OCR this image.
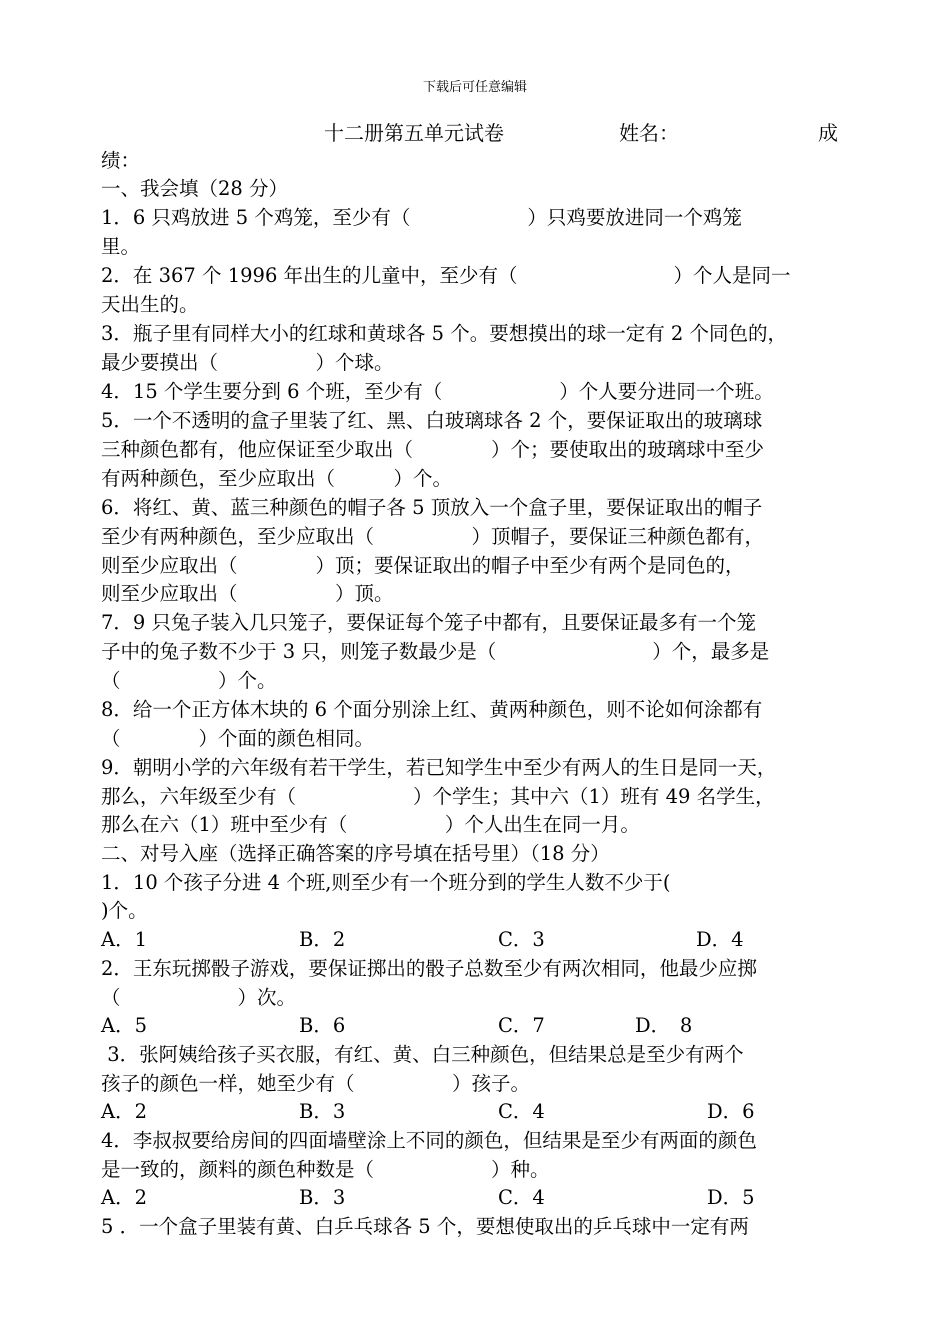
下载后可任意编辑
十二册第五单元试卷	姓名：	成
绩：
一、我会填（28 分）
1．6 只鸡放进 5 个鸡笼，至少有（　　　　　　）只鸡要放进同一个鸡笼
里。
2．在 367 个 1996 年出生的儿童中，至少有（　　　　　　　　）个人是同一
天出生的。
3．瓶子里有同样大小的红球和黄球各 5 个。要想摸出的球一定有 2 个同色的，
最少要摸出（　　　　　）个球。
4．15 个学生要分到 6 个班，至少有（　　　　　　）个人要分进同一个班。
5．一个不透明的盒子里装了红、黑、白玻璃球各 2 个，要保证取出的玻璃球
三种颜色都有，他应保证至少取出（　　　　）个；要使取出的玻璃球中至少
有两种颜色，至少应取出（　　　）个。
6．将红、黄、蓝三种颜色的帽子各 5 顶放入一个盒子里，要保证取出的帽子
至少有两种颜色，至少应取出（　　　　　）顶帽子，要保证三种颜色都有，
则至少应取出（　　　　）顶；要保证取出的帽子中至少有两个是同色的，
则至少应取出（　　　　　）顶。
7．9 只兔子装入几只笼子，要保证每个笼子中都有，且要保证最多有一个笼
子中的兔子数不少于 3 只，则笼子数最少是（　　　　　　　　）个，最多是
（　　　　　）个。
8．给一个正方体木块的 6 个面分别涂上红、黄两种颜色，则不论如何涂都有
（　　　　）个面的颜色相同。
9．朝明小学的六年级有若干学生，若已知学生中至少有两人的生日是同一天，
那么，六年级至少有（　　　　　　）个学生；其中六（1）班有 49 名学生，
那么在六（1）班中至少有（　　　　　）个人出生在同一月。
二、对号入座（选择正确答案的序号填在括号里）（18 分）
1．10 个孩子分进 4 个班,则至少有一个班分到的学生人数不少于(
)个。
A．1	B．2	C．3	D．4
2．王东玩掷骰子游戏，要保证掷出的骰子总数至少有两次相同，他最少应掷
（　　　　　　）次。
A．5	B．6	C．7	D．　8
3．张阿姨给孩子买衣服，有红、黄、白三种颜色，但结果总是至少有两个
孩子的颜色一样，她至少有（　　　　　）孩子。
A．2	B．3	C．4	D．6
4．李叔叔要给房间的四面墙壁涂上不同的颜色，但结果是至少有两面的颜色
是一致的，颜料的颜色种数是（　　　　　　）种。
A．2	B．3	C．4	D．5
5 ．一个盒子里装有黄、白乒乓球各 5 个，要想使取出的乒乓球中一定有两
